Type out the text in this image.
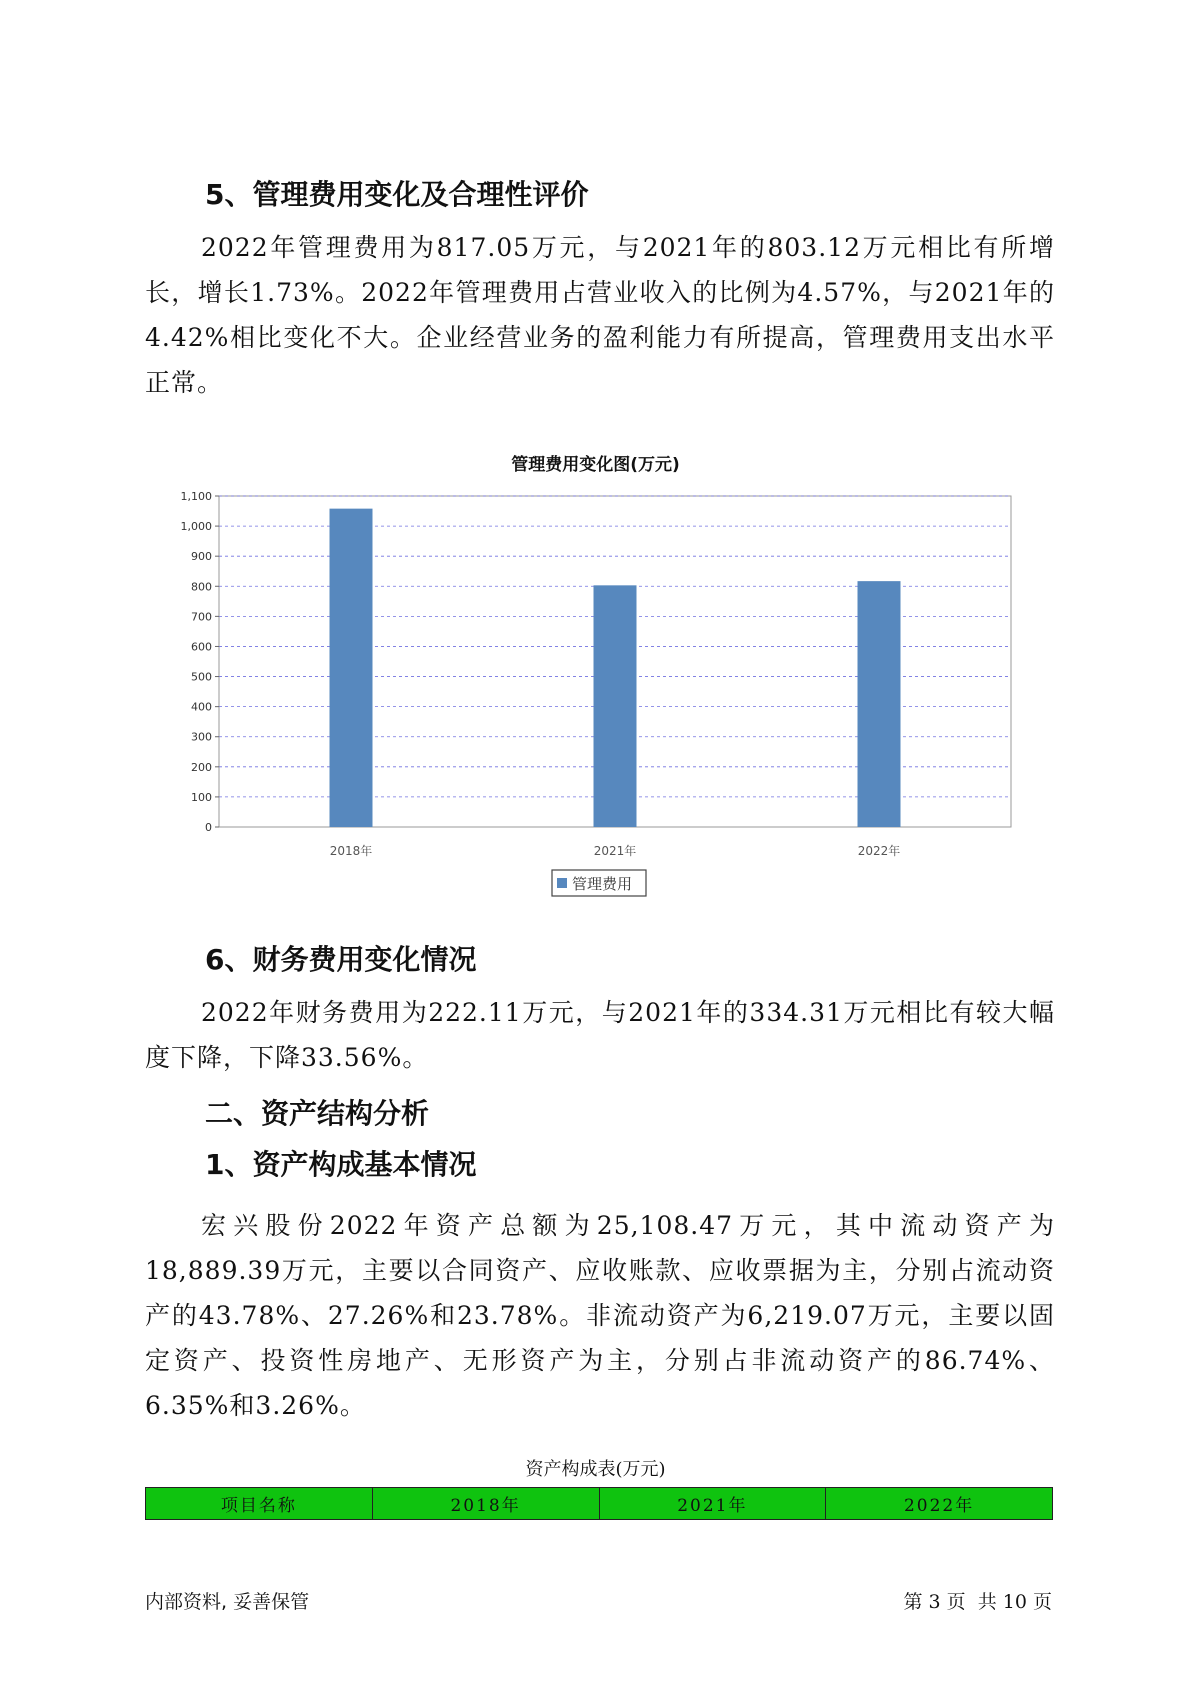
5、管理费用变化及合理性评价

2022年管理费用为817.05万元，与2021年的803.12万元相比有所增长，增长1.73%。2022年管理费用占营业收入的比例为4.57%，与2021年的4.42%相比变化不大。企业经营业务的盈利能力有所提高，管理费用支出水平正常。

管理费用变化图(万元)
0
100
200
300
400
500
600
700
800
900
1,000
1,100
2018年	2021年	2022年
管理费用
6、财务费用变化情况

2022年财务费用为222.11万元，与2021年的334.31万元相比有较大幅度下降，下降33.56%。

二、资产结构分析
1、资产构成基本情况

宏兴股份2022年资产总额为25,108.47万元，其中流动资产为18,889.39万元，主要以合同资产、应收账款、应收票据为主，分别占流动资产的43.78%、27.26%和23.78%。非流动资产为6,219.07万元，主要以固定资产、投资性房地产、无形资产为主，分别占非流动资产的86.74%、6.35%和3.26%。

资产构成表(万元)
项目名称	2018年	2021年	2022年
内部资料, 妥善保管	第 3 页  共 10 页
